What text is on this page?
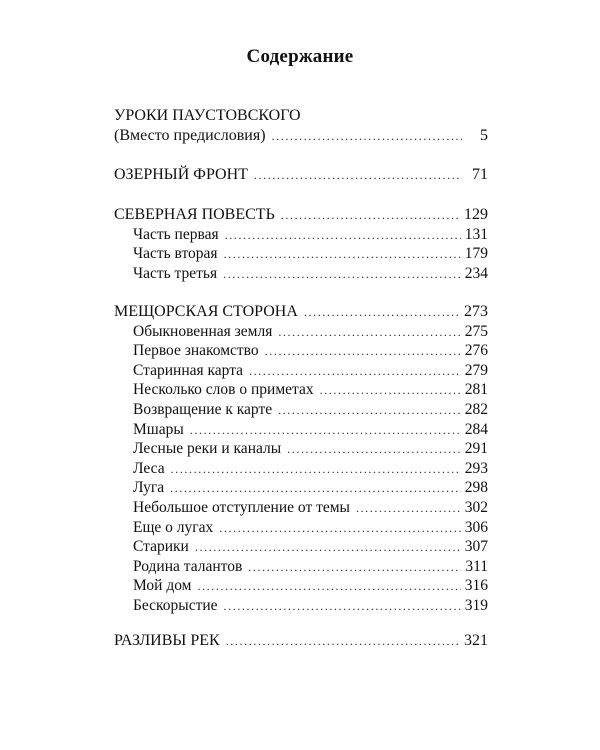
Содержание
УРОКИ ПАУСТОВСКОГО
(Вместо предисловия) .....	5
ОЗЕРНЫЙ ФРОНТ .....	71
СЕВЕРНАЯ ПОВЕСТЬ .....	129
Часть первая .....	131
Часть вторая .....	179
Часть третья .....	234
МЕЩОРСКАЯ СТОРОНА .....	273
Обыкновенная земля .....	275
Первое знакомство .....	276
Старинная карта .....	279
Несколько слов о приметах .....	281
Возвращение к карте .....	282
Мшары .....	284
Лесные реки и каналы .....	291
Леса .....	293
Луга .....	298
Небольшое отступление от темы .....	302
Еще о лугах .....	306
Старики .....	307
Родина талантов .....	311
Мой дом .....	316
Бескорыстие .....	319
РАЗЛИВЫ РЕК .....	321
